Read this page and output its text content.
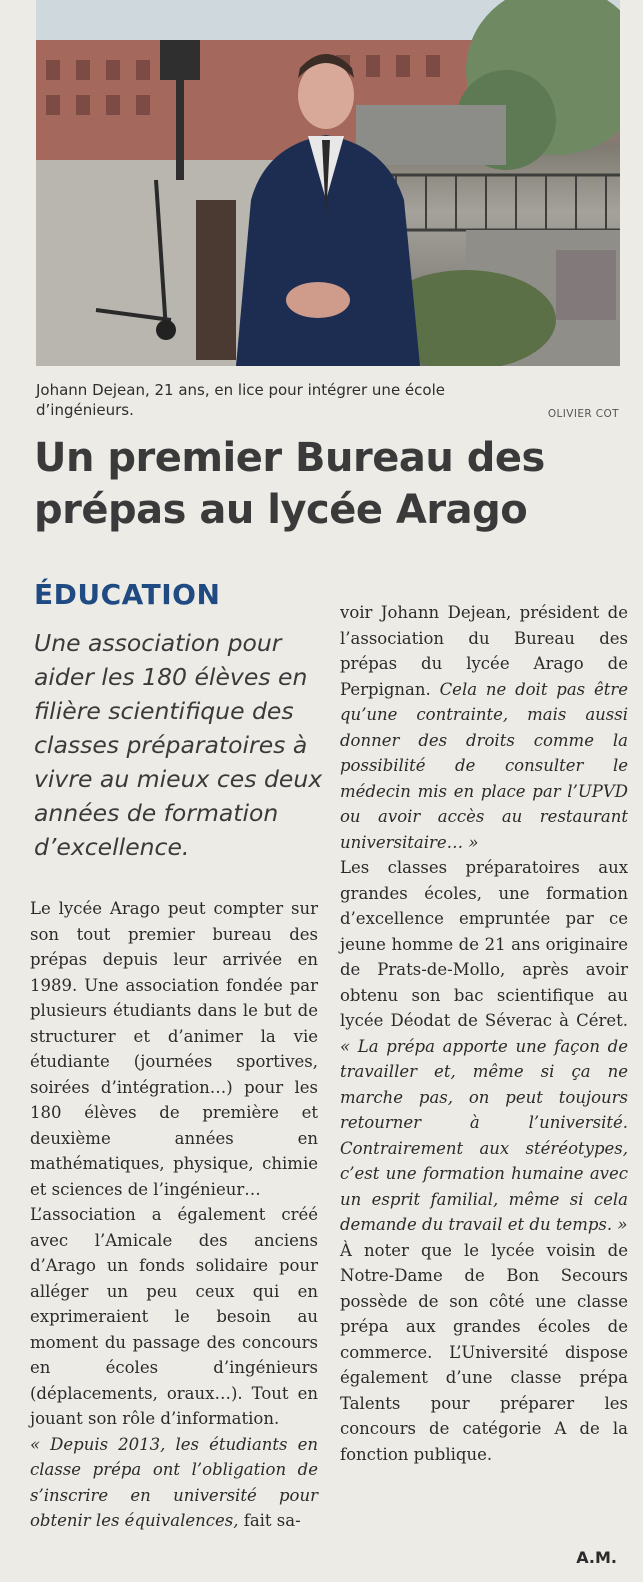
Johann Dejean, 21 ans, en lice pour intégrer une école d’ingénieurs.	OLIVIER COT
Un premier Bureau des prépas au lycée Arago
ÉDUCATION
Une association pour aider les 180 élèves en filière scientifique des classes préparatoires à vivre au mieux ces deux années de formation d’excellence.

Le lycée Arago peut compter sur son tout premier bureau des prépas depuis leur arrivée en 1989. Une association fondée par plusieurs étudiants dans le but de structurer et d’animer la vie étudiante (journées sportives, soirées d’intégration…) pour les 180 élèves de première et deuxième années en mathématiques, physique, chimie et sciences de l’ingénieur…

L’association a également créé avec l’Amicale des anciens d’Arago un fonds solidaire pour alléger un peu ceux qui en exprimeraient le besoin au moment du passage des concours en écoles d’ingénieurs (déplacements, oraux…). Tout en jouant son rôle d’information.

« Depuis 2013, les étudiants en classe prépa ont l’obligation de s’inscrire en université pour obtenir les équivalences, fait sa-

voir Johann Dejean, président de l’association du Bureau des prépas du lycée Arago de Perpignan. Cela ne doit pas être qu’une contrainte, mais aussi donner des droits comme la possibilité de consulter le médecin mis en place par l’UPVD ou avoir accès au restaurant universitaire… »

Les classes préparatoires aux grandes écoles, une formation d’excellence empruntée par ce jeune homme de 21 ans originaire de Prats-de-Mollo, après avoir obtenu son bac scientifique au lycée Déodat de Séverac à Céret. « La prépa apporte une façon de travailler et, même si ça ne marche pas, on peut toujours retourner à l’université. Contrairement aux stéréotypes, c’est une formation humaine avec un esprit familial, même si cela demande du travail et du temps. »

À noter que le lycée voisin de Notre-Dame de Bon Secours possède de son côté une classe prépa aux grandes écoles de commerce. L’Université dispose également d’une classe prépa Talents pour préparer les concours de catégorie A de la fonction publique.

A.M.
